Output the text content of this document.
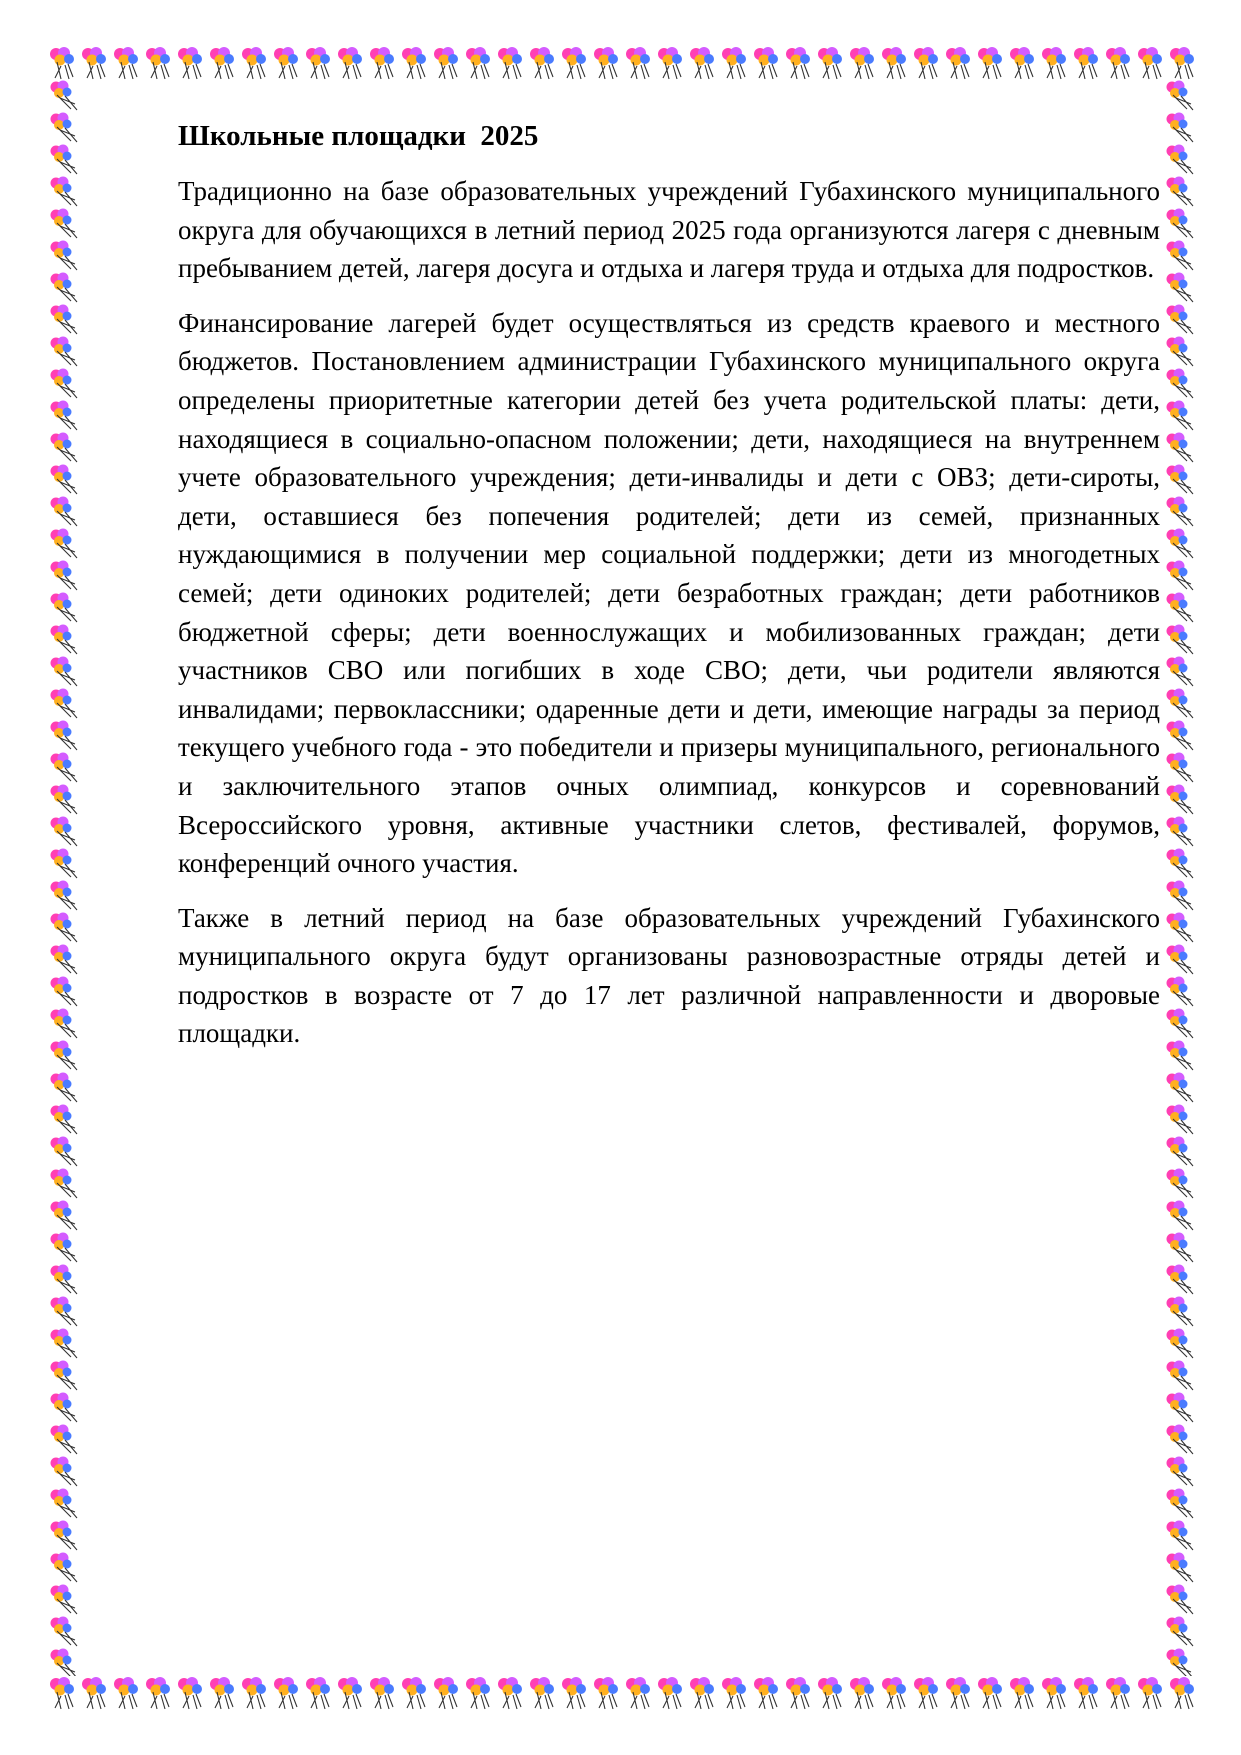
Школьные площадки  2025

Традиционно на базе образовательных учреждений Губахинского муниципального округа для обучающихся в летний период 2025 года организуются лагеря с дневным пребыванием детей, лагеря досуга и отдыха и лагеря труда и отдыха для подростков.

Финансирование лагерей будет осуществляться из средств краевого и местного бюджетов. Постановлением администрации Губахинского муниципального округа определены приоритетные категории детей без учета родительской платы: дети, находящиеся в социально-опасном положении; дети, находящиеся на внутреннем учете образовательного учреждения; дети-инвалиды и дети с ОВЗ; дети-сироты, дети, оставшиеся без попечения родителей; дети из семей, признанных нуждающимися в получении мер социальной поддержки; дети из многодетных семей; дети одиноких родителей; дети безработных граждан; дети работников бюджетной сферы; дети военнослужащих и мобилизованных граждан; дети участников СВО или погибших в ходе СВО; дети, чьи родители являются инвалидами; первоклассники; одаренные дети и дети, имеющие награды за период текущего учебного года - это победители и призеры муниципального, регионального и заключительного этапов очных олимпиад, конкурсов и соревнований Всероссийского уровня, активные участники слетов, фестивалей, форумов, конференций очного участия.

Также в летний период на базе образовательных учреждений Губахинского муниципального округа будут организованы разновозрастные отряды детей и подростков в возрасте от 7 до 17 лет различной направленности и дворовые площадки.
